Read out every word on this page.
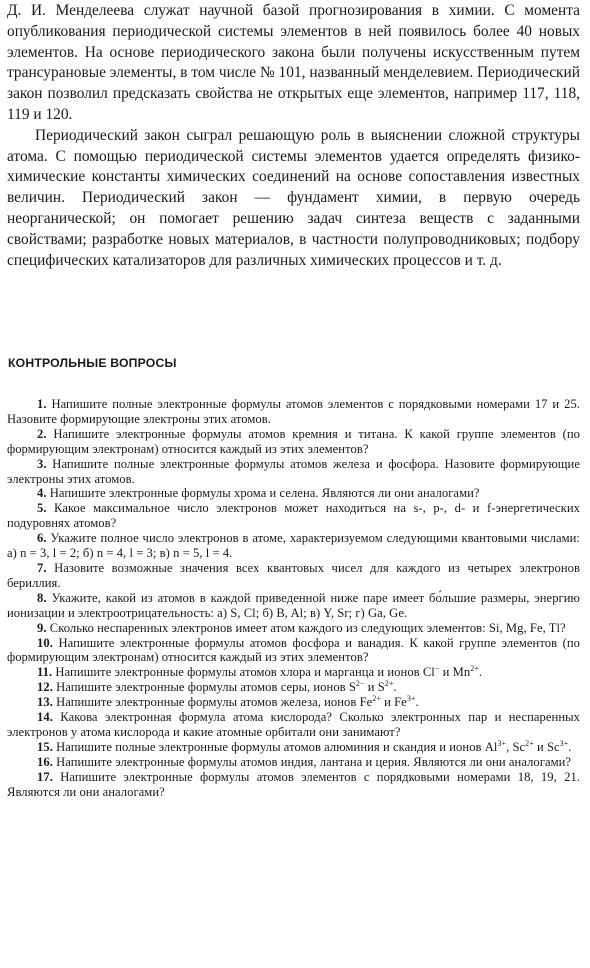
Д. И. Менделеева служат научной базой прогнозирования в химии. С момента опубликования периодической системы элементов в ней появилось более 40 новых элементов. На основе периодического закона были получены искусственным путем трансурановые элементы, в том числе № 101, названный менделевием. Периодический закон позволил предсказать свойства не открытых еще элементов, например 117, 118, 119 и 120.

Периодический закон сыграл решающую роль в выяснении сложной структуры атома. С помощью периодической системы элементов удается определять физико-химические константы химических соединений на основе сопоставления известных величин. Периодический закон — фундамент химии, в первую очередь неорганической; он помогает решению задач синтеза веществ с заданными свойствами; разработке новых материалов, в частности полупроводниковых; подбору специфических катализаторов для различных химических процессов и т. д.

КОНТРОЛЬНЫЕ ВОПРОСЫ

1. Напишите полные электронные формулы атомов элементов с порядковыми номерами 17 и 25. Назовите формирующие электроны этих атомов.

2. Напишите электронные формулы атомов кремния и титана. К какой группе элементов (по формирующим электронам) относится каждый из этих элементов?

3. Напишите полные электронные формулы атомов железа и фосфора. Назовите формирующие электроны этих атомов.

4. Напишите электронные формулы хрома и селена. Являются ли они аналогами?

5. Какое максимальное число электронов может находиться на s-, p-, d- и f-энергетических подуровнях атомов?

6. Укажите полное число электронов в атоме, характеризуемом следующими квантовыми числами: а) n = 3, l = 2; б) n = 4, l = 3; в) n = 5, l = 4.

7. Назовите возможные значения всех квантовых чисел для каждого из четырех электронов бериллия.

8. Укажите, какой из атомов в каждой приведенной ниже паре имеет бо́льшие размеры, энергию ионизации и электроотрицательность: а) S, Cl; б) B, Al; в) Y, Sr; г) Ga, Ge.

9. Сколько неспаренных электронов имеет атом каждого из следующих элементов: Si, Mg, Fe, Tl?

10. Напишите электронные формулы атомов фосфора и ванадия. К какой группе элементов (по формирующим электронам) относится каждый из этих элементов?

11. Напишите электронные формулы атомов хлора и марганца и ионов Cl− и $Mn^{2+}$.

12. Напишите электронные формулы атомов серы, ионов $S^{2-}$ и $S^{2+}$.

13. Напишите электронные формулы атомов железа, ионов $Fe^{2+}$ и $Fe^{3+}$.

14. Какова электронная формула атома кислорода? Сколько электронных пар и неспаренных электронов у атома кислорода и какие атомные орбитали они занимают?

15. Напишите полные электронные формулы атомов алюминия и скандия и ионов $Al^{3+}$, $Sc^{2+}$ и $Sc^{3+}$.

16. Напишите электронные формулы атомов индия, лантана и церия. Являются ли они аналогами?

17. Напишите электронные формулы атомов элементов с порядковыми номерами 18, 19, 21. Являются ли они аналогами?
